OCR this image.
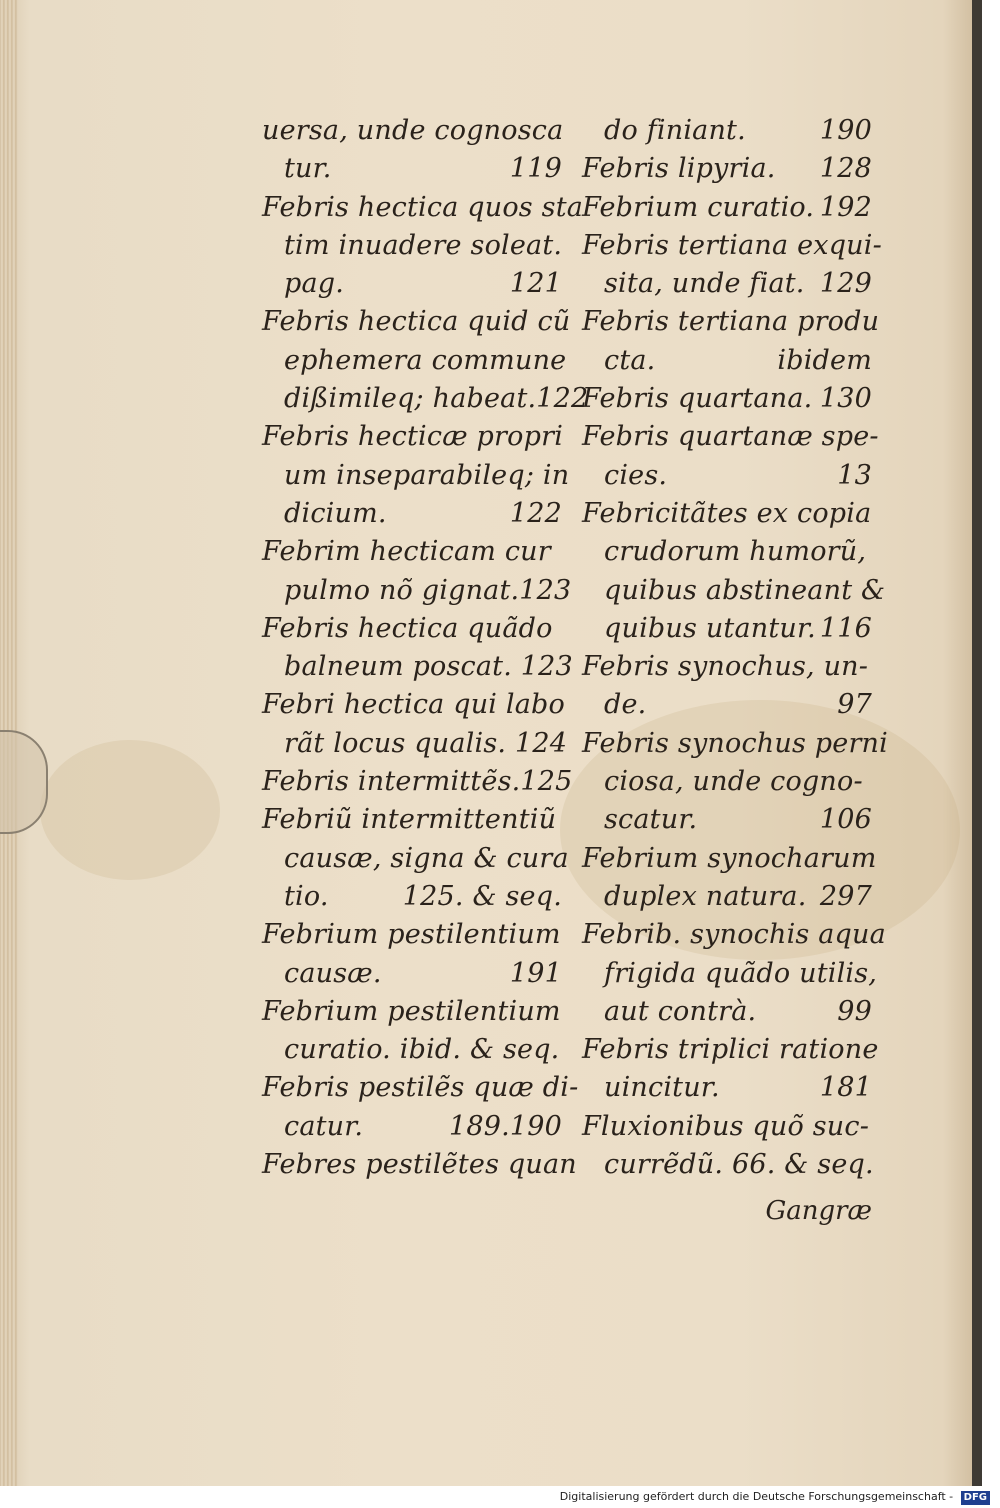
uersa, unde cognosca
tur.	119
Febris hectica quos sta
tim inuadere soleat.
pag.	121
Febris hectica quid cũ
ephemera commune
dißimileq; habeat.122
Febris hecticæ propri
um inseparabileq; in
dicium.	122
Febrim hecticam cur
pulmo nõ gignat.123
Febris hectica quãdo
balneum poscat. 123
Febri hectica qui labo
rãt locus qualis. 124
Febris intermittẽs.125
Febriũ intermittentiũ
causæ, signa & cura
tio.	125. & seq.
Febrium pestilentium
causæ.	191
Febrium pestilentium
curatio. ibid. & seq.
Febris pestilẽs quæ di-
catur.	189.190
Febres pestilẽtes quan
do finiant.	190
Febris lipyria. 128
Febrium curatio. 192
Febris tertiana exqui-
sita, unde fiat. 129
Febris tertiana produ
cta.	ibidem
Febris quartana. 130
Febris quartanæ spe-
cies.	13
Febricitãtes ex copia
crudorum humorũ,
quibus abstineant &
quibus utantur. 116
Febris synochus, un-
de.	97
Febris synochus perni
ciosa, unde cogno-
scatur.	106
Febrium synocharum
duplex natura. 297
Febrib. synochis aqua
frigida quãdo utilis,
aut contrà.	99
Febris triplici ratione
uincitur.	181
Fluxionibus quõ suc-
currẽdũ. 66. & seq.
Gangræ
Digitalisierung gefördert durch die Deutsche Forschungsgemeinschaft - DFG
